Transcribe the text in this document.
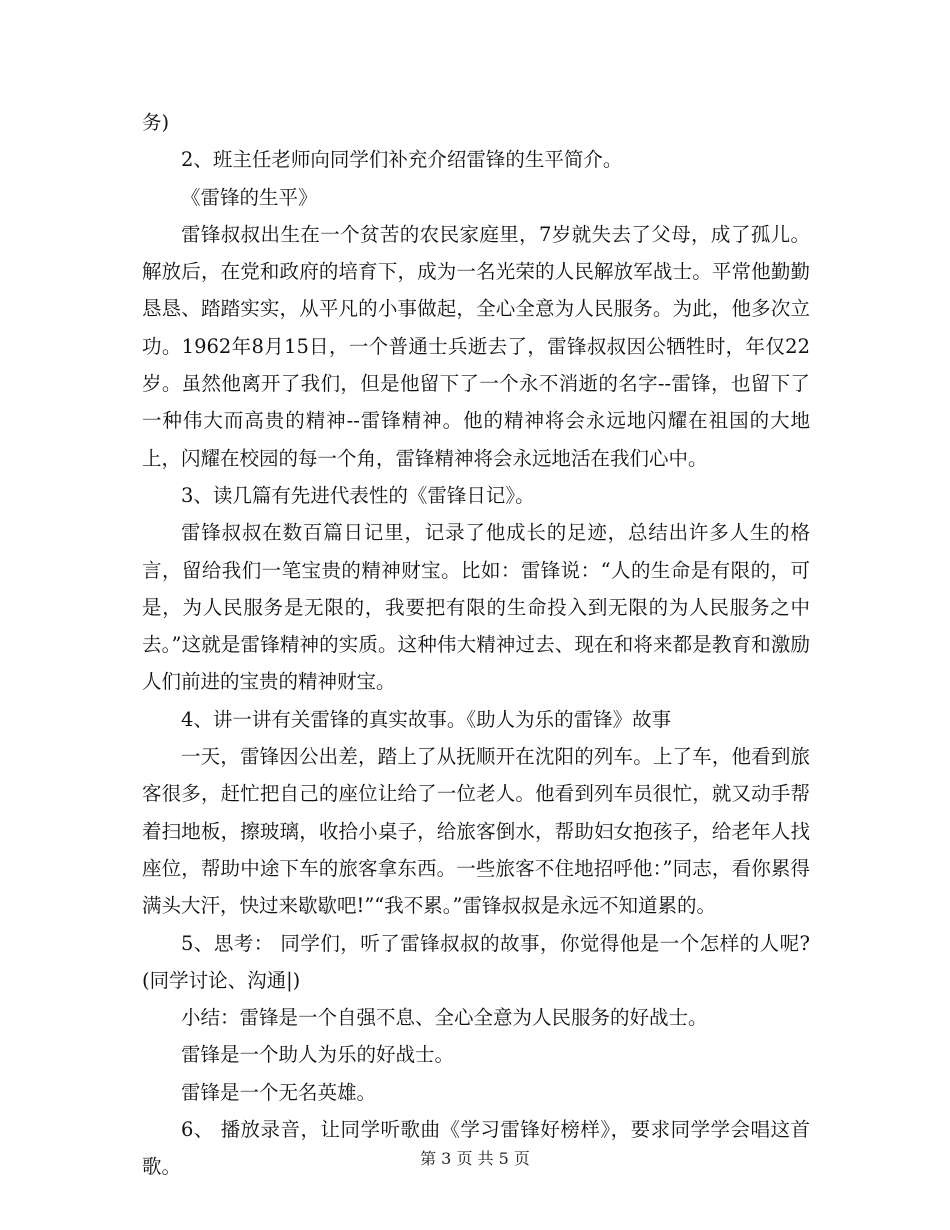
务)

2、班主任老师向同学们补充介绍雷锋的生平简介。

《雷锋的生平》

雷锋叔叔出生在一个贫苦的农民家庭里，7岁就失去了父母，成了孤儿。解放后，在党和政府的培育下，成为一名光荣的人民解放军战士。平常他勤勤恳恳、踏踏实实，从平凡的小事做起，全心全意为人民服务。为此，他多次立功。1962年8月15日，一个普通士兵逝去了，雷锋叔叔因公牺牲时，年仅22岁。虽然他离开了我们，但是他留下了一个永不消逝的名字--雷锋，也留下了一种伟大而高贵的精神--雷锋精神。他的精神将会永远地闪耀在祖国的大地上，闪耀在校园的每一个角，雷锋精神将会永远地活在我们心中。

3、读几篇有先进代表性的《雷锋日记》。

雷锋叔叔在数百篇日记里，记录了他成长的足迹，总结出许多人生的格言，留给我们一笔宝贵的精神财宝。比如：雷锋说：“人的生命是有限的，可是，为人民服务是无限的，我要把有限的生命投入到无限的为人民服务之中去。”这就是雷锋精神的实质。这种伟大精神过去、现在和将来都是教育和激励人们前进的宝贵的精神财宝。

4、讲一讲有关雷锋的真实故事。《助人为乐的雷锋》故事

一天，雷锋因公出差，踏上了从抚顺开在沈阳的列车。上了车，他看到旅客很多，赶忙把自己的座位让给了一位老人。他看到列车员很忙，就又动手帮着扫地板，擦玻璃，收拾小桌子，给旅客倒水，帮助妇女抱孩子，给老年人找座位，帮助中途下车的旅客拿东西。一些旅客不住地招呼他：”同志，看你累得满头大汗，快过来歇歇吧!”“我不累。”雷锋叔叔是永远不知道累的。

5、思考： 同学们，听了雷锋叔叔的故事，你觉得他是一个怎样的人呢?(同学讨论、沟通|)

小结：雷锋是一个自强不息、全心全意为人民服务的好战士。

雷锋是一个助人为乐的好战士。

雷锋是一个无名英雄。

6、 播放录音，让同学听歌曲《学习雷锋好榜样》，要求同学学会唱这首歌。	第 3 页 共 5 页
